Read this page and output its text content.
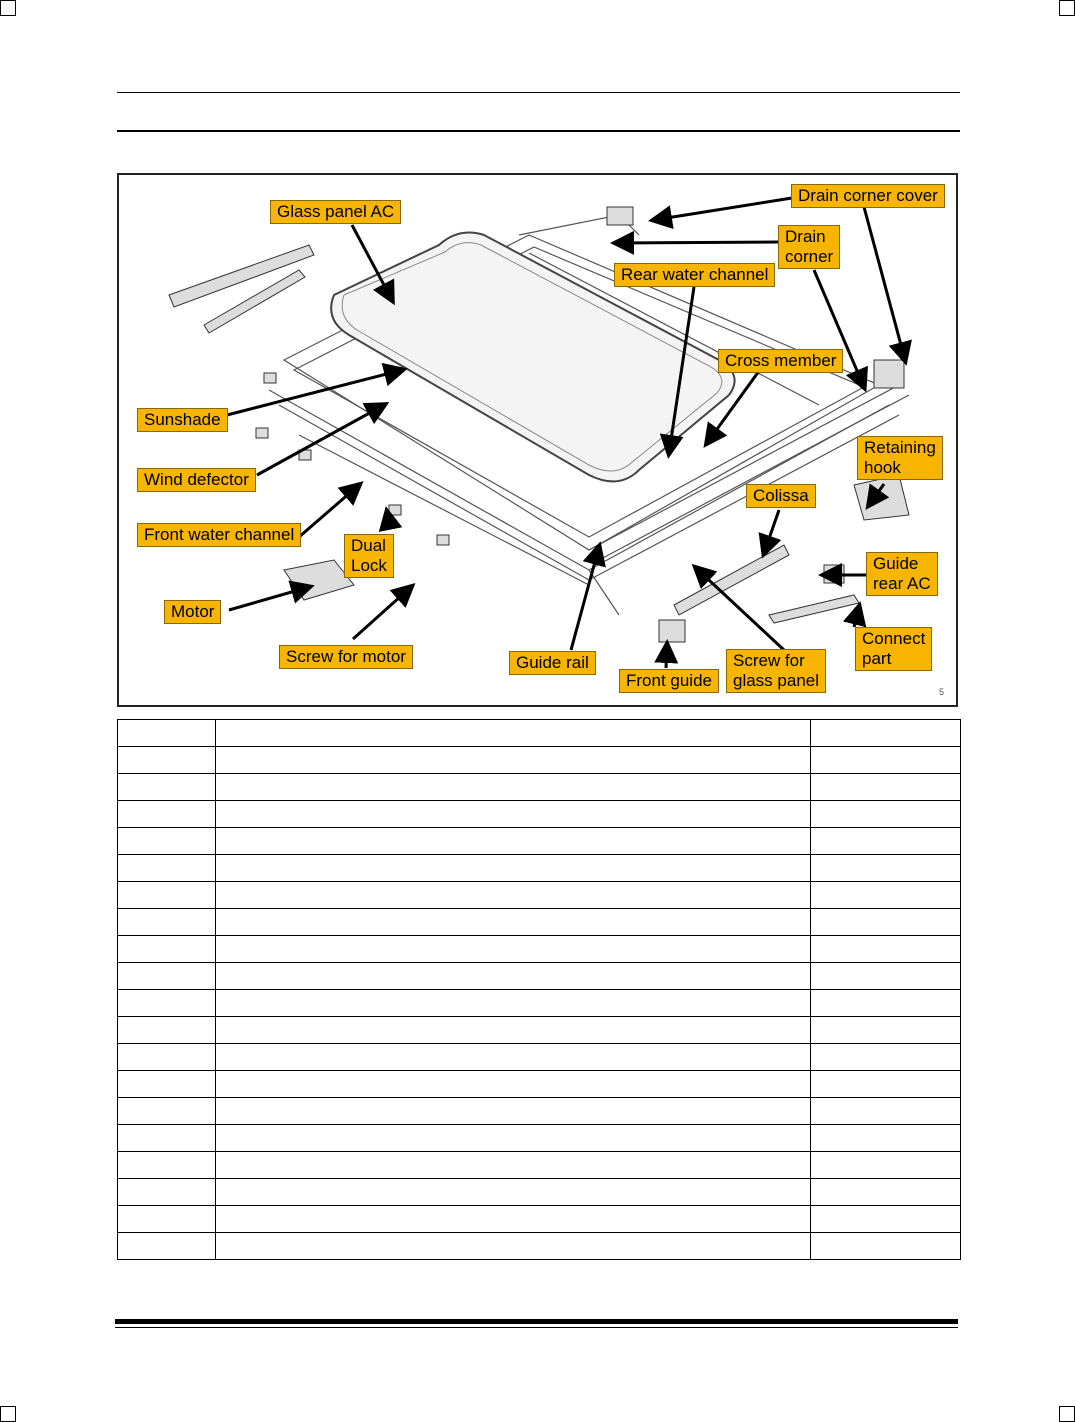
Glass panel AC
Drain corner cover
Drain
corner
Rear water channel
Cross member
Sunshade
Wind defector
Retaining
hook
Colissa
Front water channel
Dual
Lock	Guide
rear AC
Motor
Connect
part
Screw for motor	Guide rail	Screw for
glass panel
Front guide
5
